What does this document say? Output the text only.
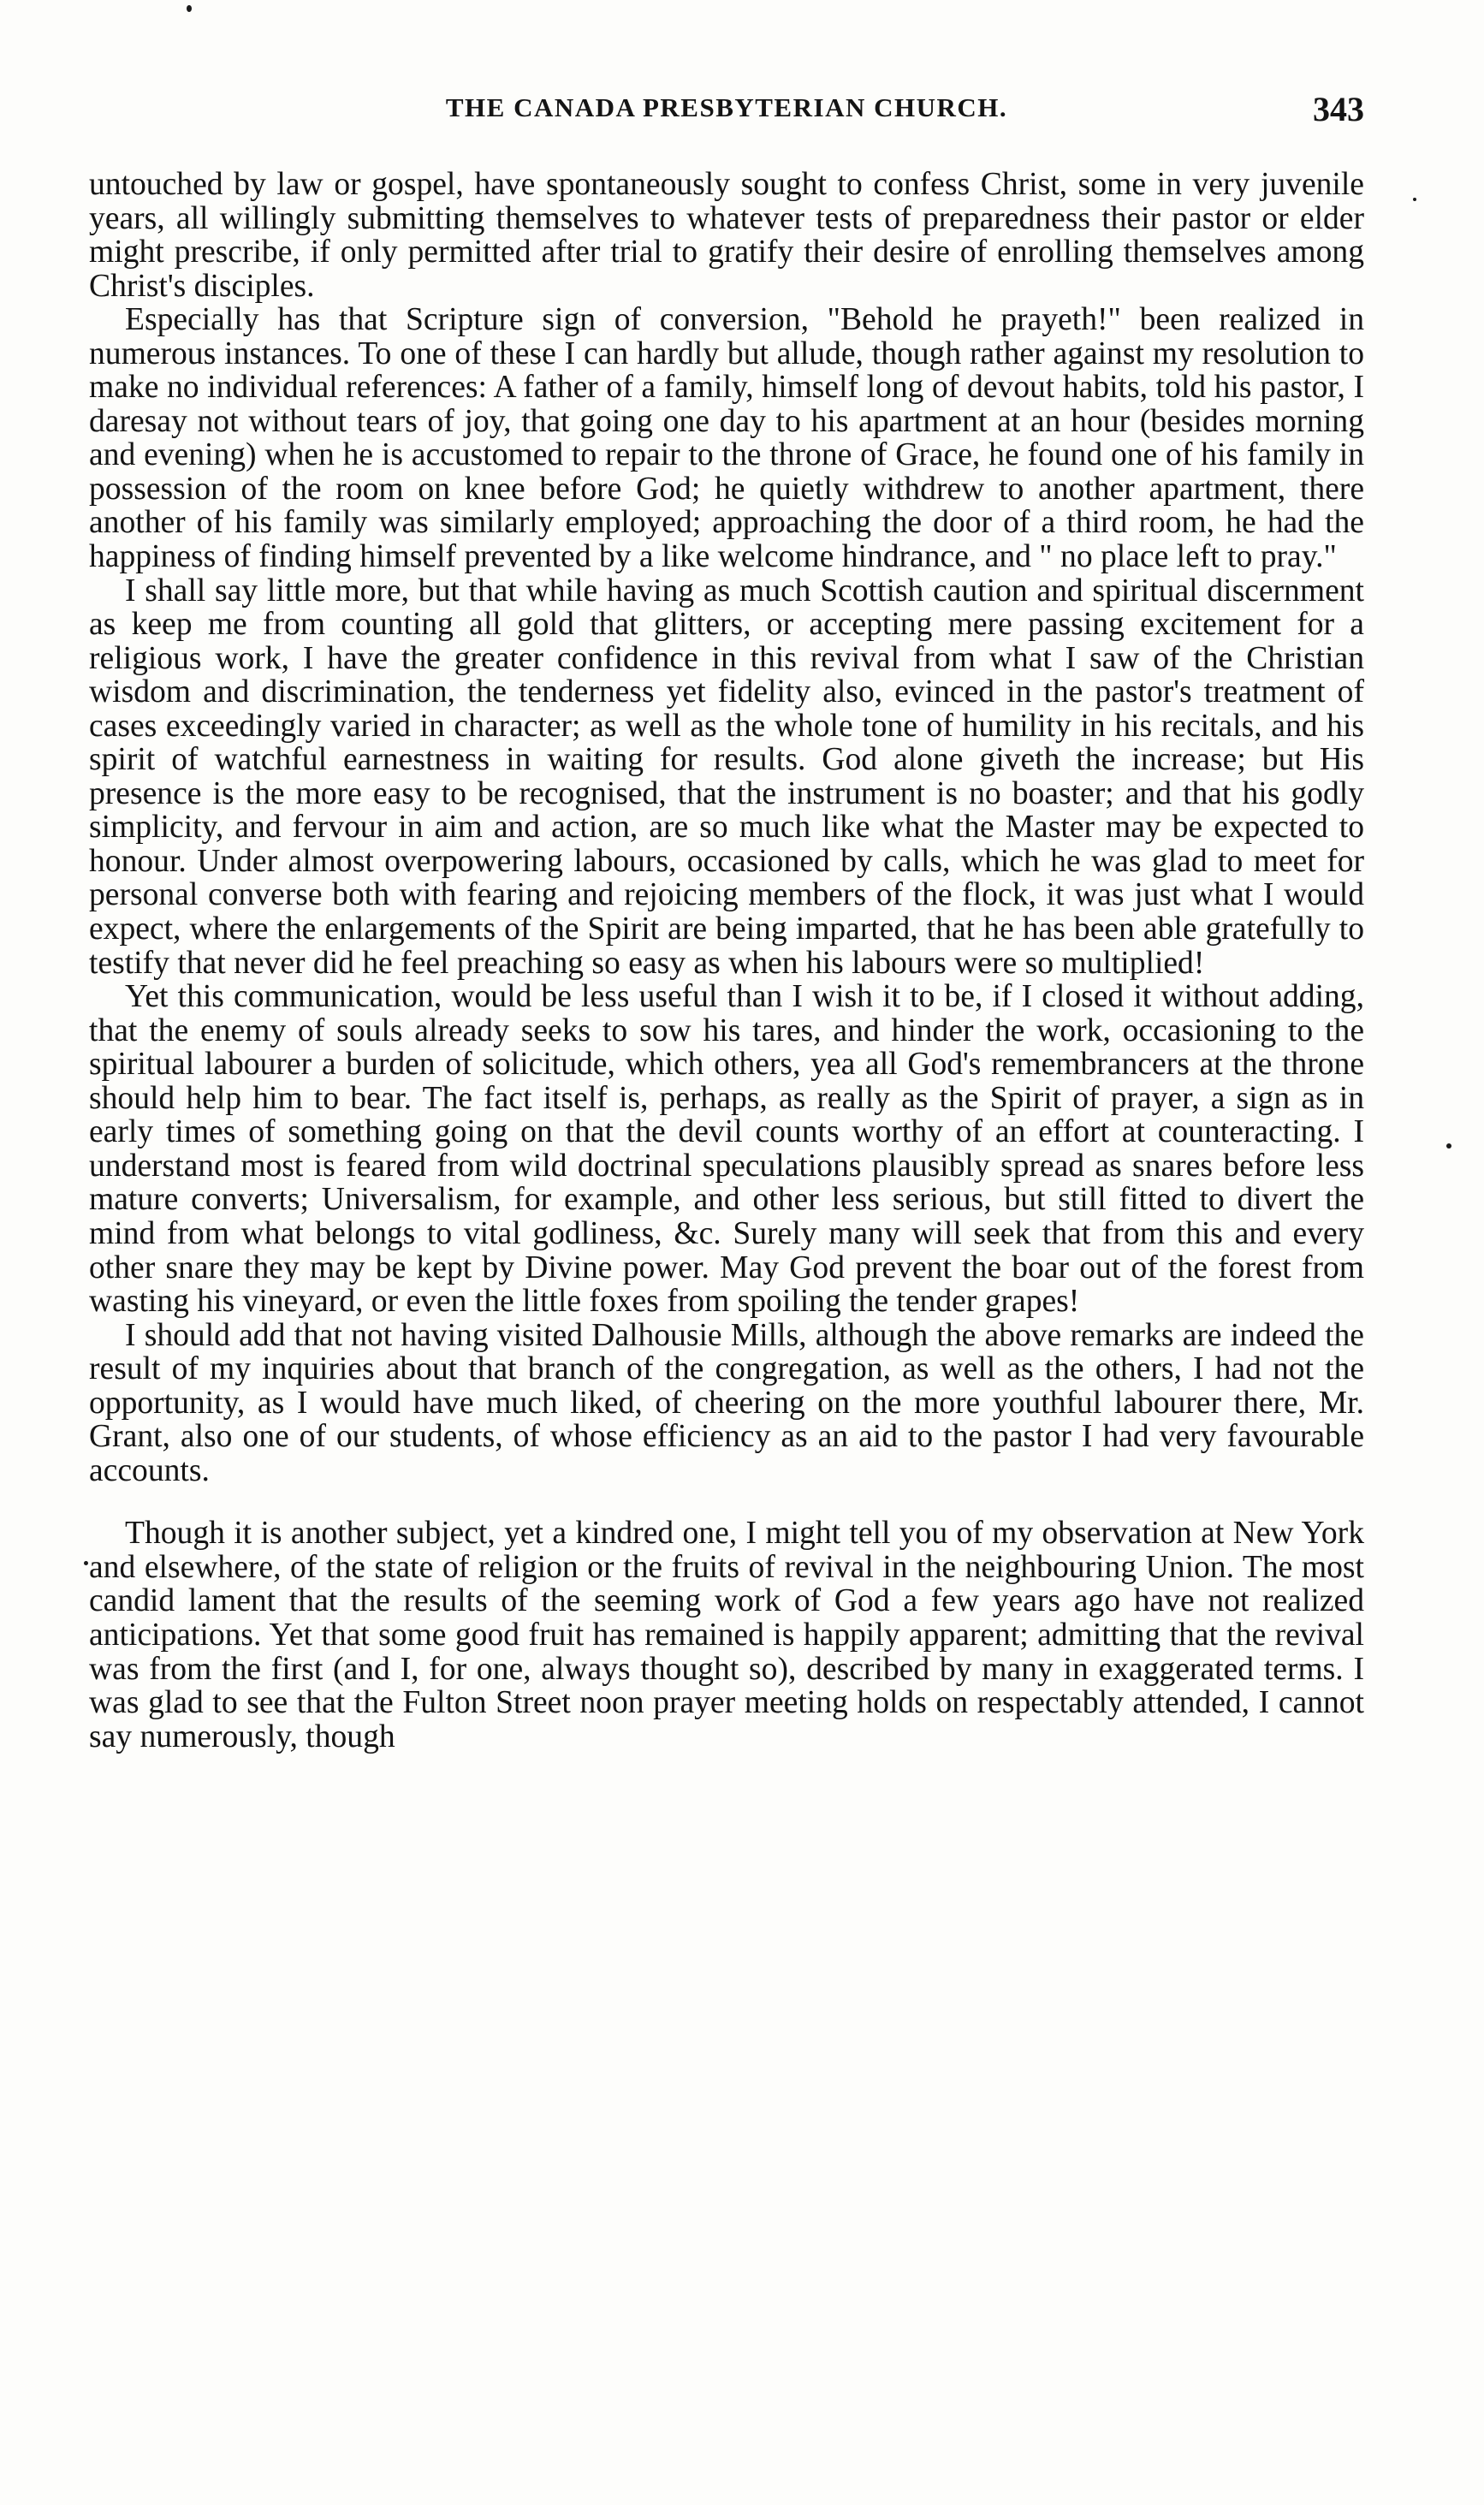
THE CANADA PRESBYTERIAN CHURCH.	343

untouched by law or gospel, have spontaneously sought to confess Christ, some in very juvenile years, all willingly submitting themselves to whatever tests of preparedness their pastor or elder might prescribe, if only permitted after trial to gratify their desire of enrolling themselves among Christ's disciples.

Especially has that Scripture sign of conversion, "Behold he prayeth!" been realized in numerous instances. To one of these I can hardly but allude, though rather against my resolution to make no individual references: A father of a family, himself long of devout habits, told his pastor, I daresay not without tears of joy, that going one day to his apartment at an hour (besides morning and evening) when he is accustomed to repair to the throne of Grace, he found one of his family in possession of the room on knee before God; he quietly withdrew to another apartment, there another of his family was similarly employed; approaching the door of a third room, he had the happiness of finding himself prevented by a like welcome hindrance, and " no place left to pray."

I shall say little more, but that while having as much Scottish caution and spiritual discernment as keep me from counting all gold that glitters, or accepting mere passing excitement for a religious work, I have the greater confidence in this revival from what I saw of the Christian wisdom and discrimination, the tenderness yet fidelity also, evinced in the pastor's treatment of cases exceedingly varied in character; as well as the whole tone of humility in his recitals, and his spirit of watchful earnestness in waiting for results. God alone giveth the increase; but His presence is the more easy to be recognised, that the instrument is no boaster; and that his godly simplicity, and fervour in aim and action, are so much like what the Master may be expected to honour. Under almost overpowering labours, occasioned by calls, which he was glad to meet for personal converse both with fearing and rejoicing members of the flock, it was just what I would expect, where the enlargements of the Spirit are being imparted, that he has been able gratefully to testify that never did he feel preaching so easy as when his labours were so multiplied!

Yet this communication, would be less useful than I wish it to be, if I closed it without adding, that the enemy of souls already seeks to sow his tares, and hinder the work, occasioning to the spiritual labourer a burden of solicitude, which others, yea all God's remembrancers at the throne should help him to bear. The fact itself is, perhaps, as really as the Spirit of prayer, a sign as in early times of something going on that the devil counts worthy of an effort at counteracting. I understand most is feared from wild doctrinal speculations plausibly spread as snares before less mature converts; Universalism, for example, and other less serious, but still fitted to divert the mind from what belongs to vital godliness, &c. Surely many will seek that from this and every other snare they may be kept by Divine power. May God prevent the boar out of the forest from wasting his vineyard, or even the little foxes from spoiling the tender grapes!

I should add that not having visited Dalhousie Mills, although the above remarks are indeed the result of my inquiries about that branch of the congregation, as well as the others, I had not the opportunity, as I would have much liked, of cheering on the more youthful labourer there, Mr. Grant, also one of our students, of whose efficiency as an aid to the pastor I had very favourable accounts.

Though it is another subject, yet a kindred one, I might tell you of my observation at New York and elsewhere, of the state of religion or the fruits of revival in the neighbouring Union. The most candid lament that the results of the seeming work of God a few years ago have not realized anticipations. Yet that some good fruit has remained is happily apparent; admitting that the revival was from the first (and I, for one, always thought so), described by many in exaggerated terms. I was glad to see that the Fulton Street noon prayer meeting holds on respectably attended, I cannot say numerously, though
